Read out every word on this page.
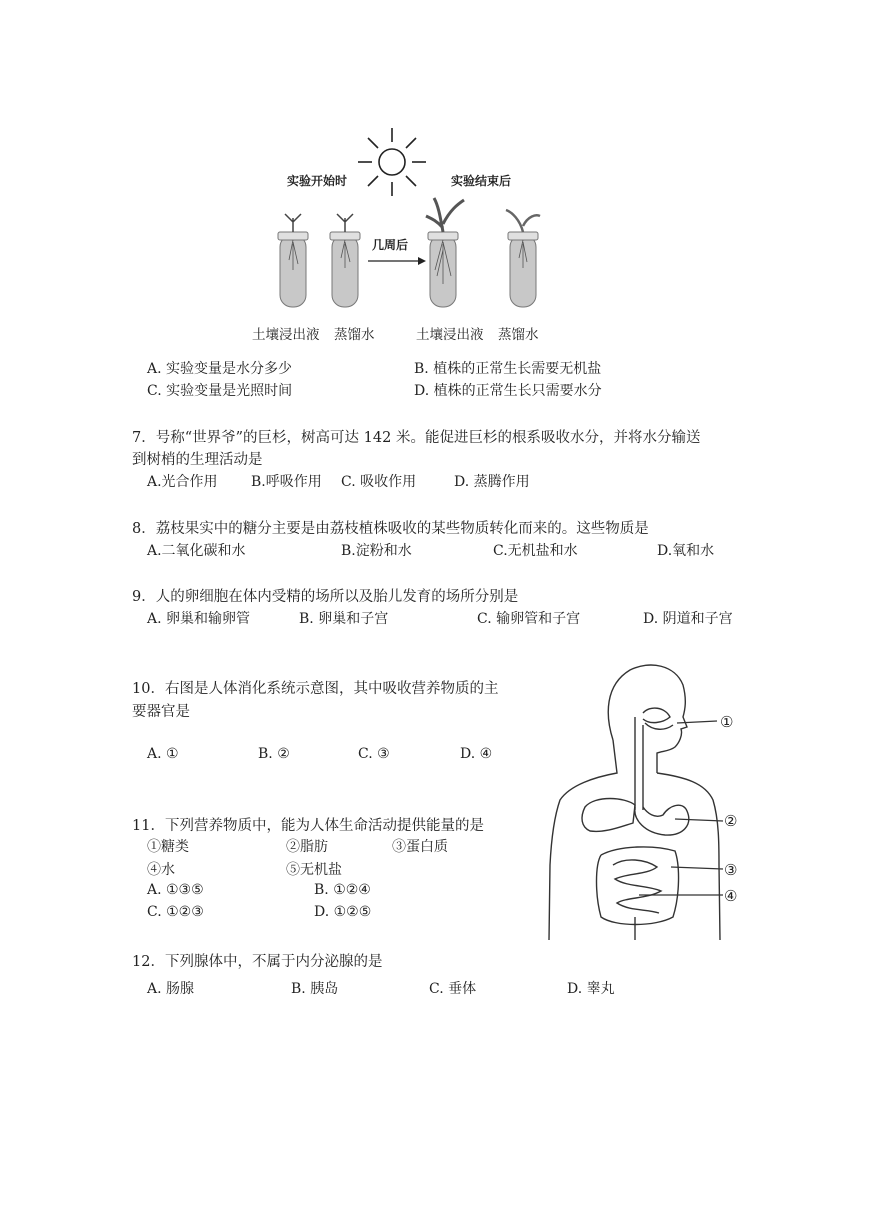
实验开始时	实验结束后
几周后
土壤浸出液 蒸馏水	土壤浸出液 蒸馏水
A. 实验变量是水分多少	B. 植株的正常生长需要无机盐
C. 实验变量是光照时间	D. 植株的正常生长只需要水分
7．号称“世界爷”的巨杉，树高可达 142 米。能促进巨杉的根系吸收水分，并将水分输送
到树梢的生理活动是
A.光合作用 B.呼吸作用 C. 吸收作用	D. 蒸腾作用
8．荔枝果实中的糖分主要是由荔枝植株吸收的某些物质转化而来的。这些物质是
A.二氧化碳和水	B.淀粉和水	C.无机盐和水	D.氧和水
9．人的卵细胞在体内受精的场所以及胎儿发育的场所分别是
A. 卵巢和输卵管	B. 卵巢和子宫	C. 输卵管和子宫	D. 阴道和子宫
10．右图是人体消化系统示意图，其中吸收营养物质的主
要器官是
A. ①	B. ②	C. ③	D. ④
①
②
③
④
11．下列营养物质中，能为人体生命活动提供能量的是
①糖类	②脂肪	③蛋白质
④水	⑤无机盐
A. ①③⑤	B. ①②④
C. ①②③	D. ①②⑤
12．下列腺体中，不属于内分泌腺的是
A. 肠腺	B. 胰岛	C. 垂体	D. 睾丸
